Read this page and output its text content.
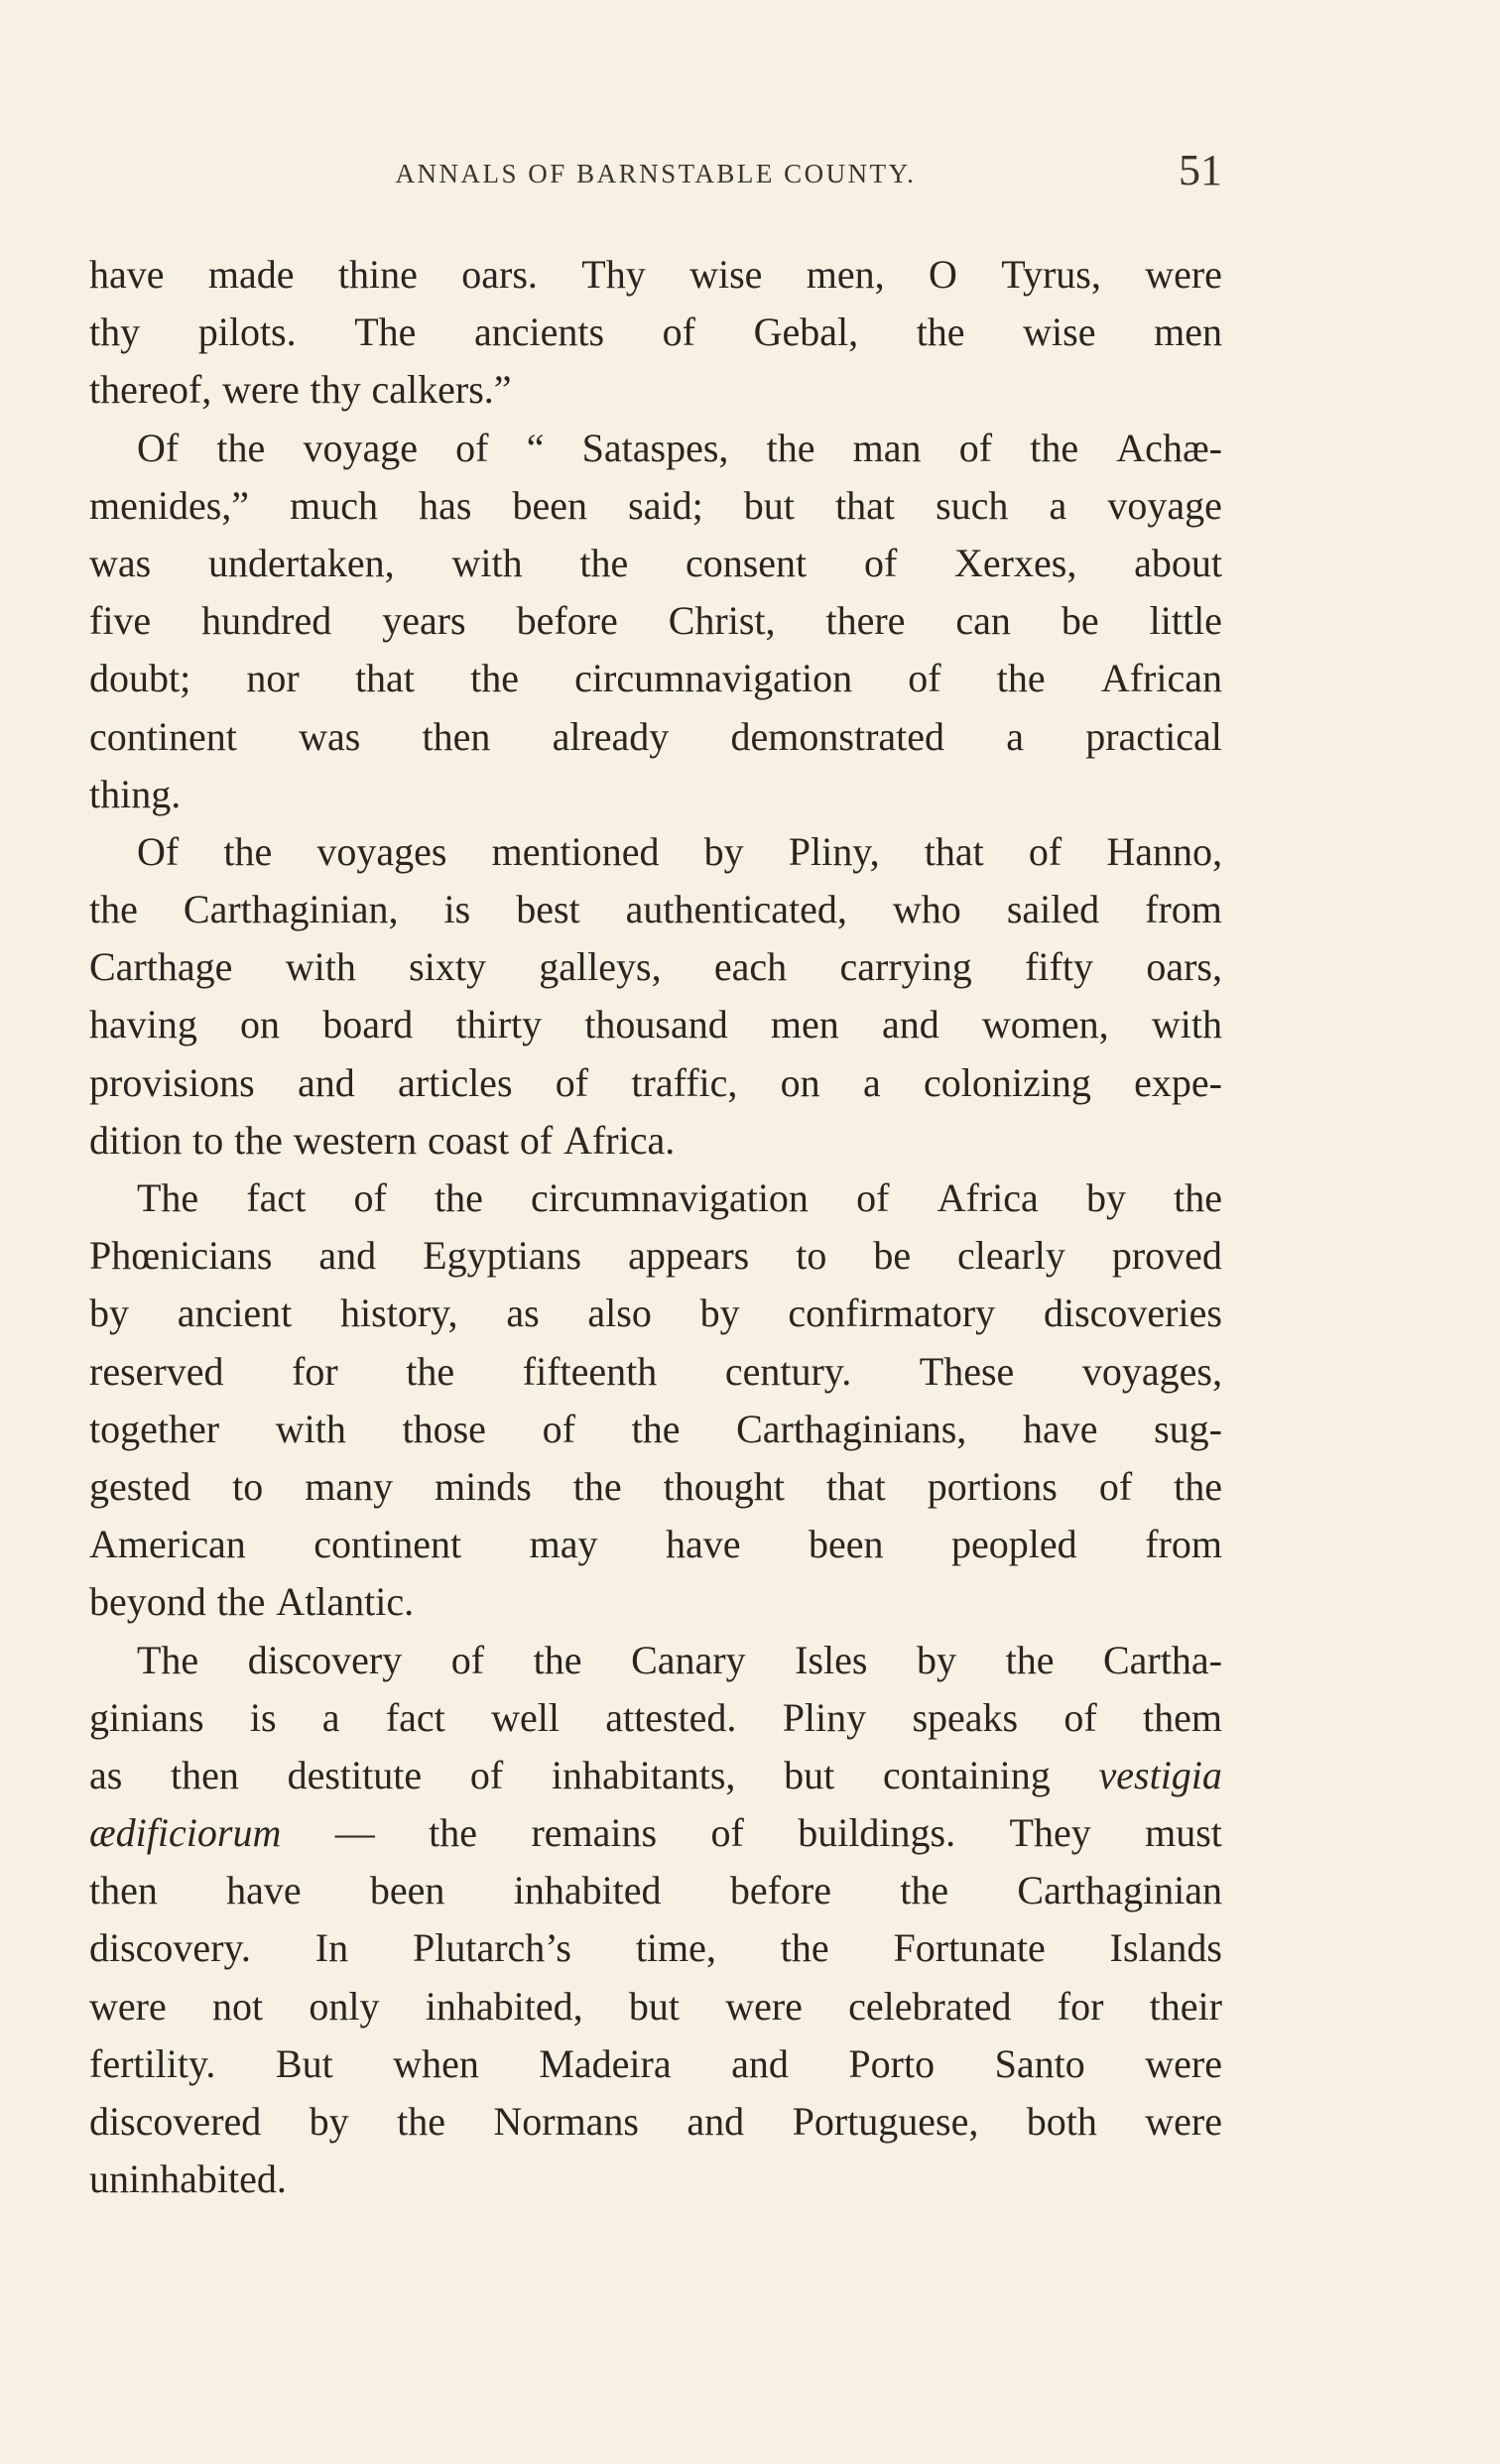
ANNALS OF BARNSTABLE COUNTY.	51
have made thine oars. Thy wise men, O Tyrus, were
thy pilots. The ancients of Gebal, the wise men
thereof, were thy calkers.”
Of the voyage of “ Sataspes, the man of the Achæ-
menides,” much has been said; but that such a voyage
was undertaken, with the consent of Xerxes, about
five hundred years before Christ, there can be little
doubt; nor that the circumnavigation of the African
continent was then already demonstrated a practical
thing.
Of the voyages mentioned by Pliny, that of Hanno,
the Carthaginian, is best authenticated, who sailed from
Carthage with sixty galleys, each carrying fifty oars,
having on board thirty thousand men and women, with
provisions and articles of traffic, on a colonizing expe-
dition to the western coast of Africa.
The fact of the circumnavigation of Africa by the
Phœnicians and Egyptians appears to be clearly proved
by ancient history, as also by confirmatory discoveries
reserved for the fifteenth century. These voyages,
together with those of the Carthaginians, have sug-
gested to many minds the thought that portions of the
American continent may have been peopled from
beyond the Atlantic.
The discovery of the Canary Isles by the Cartha-
ginians is a fact well attested. Pliny speaks of them
as then destitute of inhabitants, but containing vestigia
ædificiorum — the remains of buildings. They must
then have been inhabited before the Carthaginian
discovery. In Plutarch’s time, the Fortunate Islands
were not only inhabited, but were celebrated for their
fertility. But when Madeira and Porto Santo were
discovered by the Normans and Portuguese, both were
uninhabited.
